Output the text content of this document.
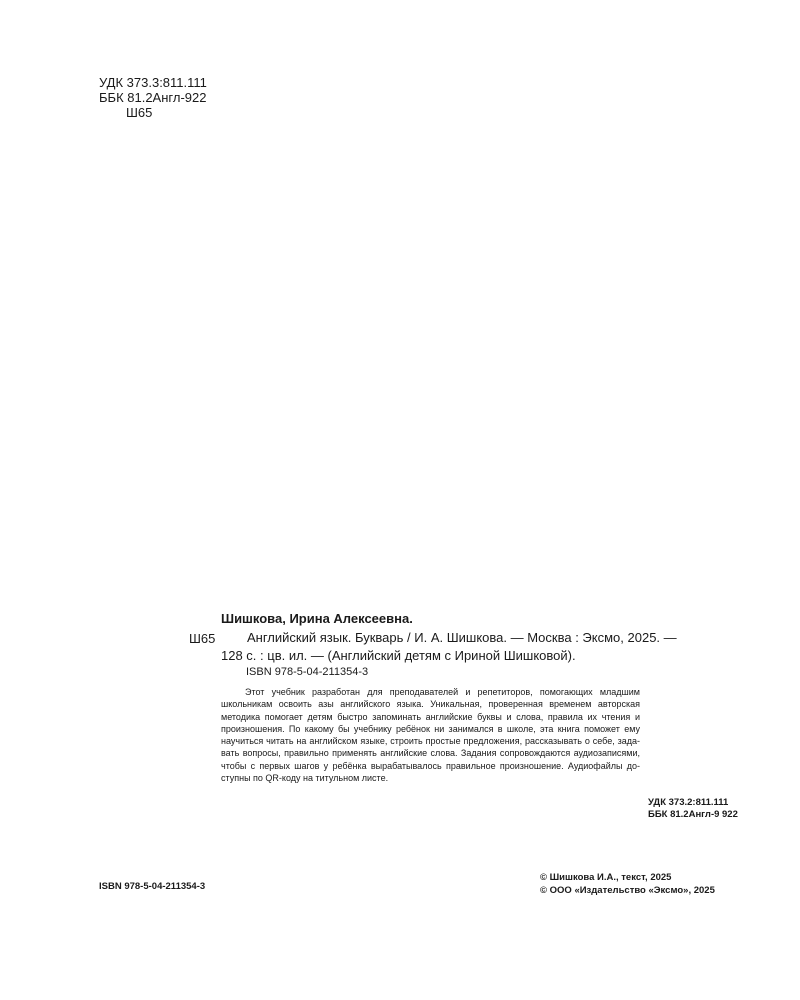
УДК 373.3:811.111
ББК 81.2Англ-922
Ш65
Шишкова, Ирина Алексеевна.
Ш65	Английский язык. Букварь / И. А. Шишкова. — Москва : Эксмо, 2025. —
128 с. : цв. ил. — (Английский детям с Ириной Шишковой).
ISBN 978-5-04-211354-3
Этот учебник разработан для преподавателей и репетиторов, помогающих младшим
школьникам освоить азы английского языка. Уникальная, проверенная временем авторская
методика помогает детям быстро запоминать английские буквы и слова, правила их чтения и
произношения. По какому бы учебнику ребёнок ни занимался в школе, эта книга поможет ему
научиться читать на английском языке, строить простые предложения, рассказывать о себе, зада-
вать вопросы, правильно применять английские слова. Задания сопровождаются аудиозаписями,
чтобы с первых шагов у ребёнка вырабатывалось правильное произношение. Аудиофайлы до-
ступны по QR-коду на титульном листе.
УДК 373.2:811.111
ББК 81.2Англ-9 922
ISBN 978-5-04-211354-3
© Шишкова И.А., текст, 2025
© ООО «Издательство «Эксмо», 2025
